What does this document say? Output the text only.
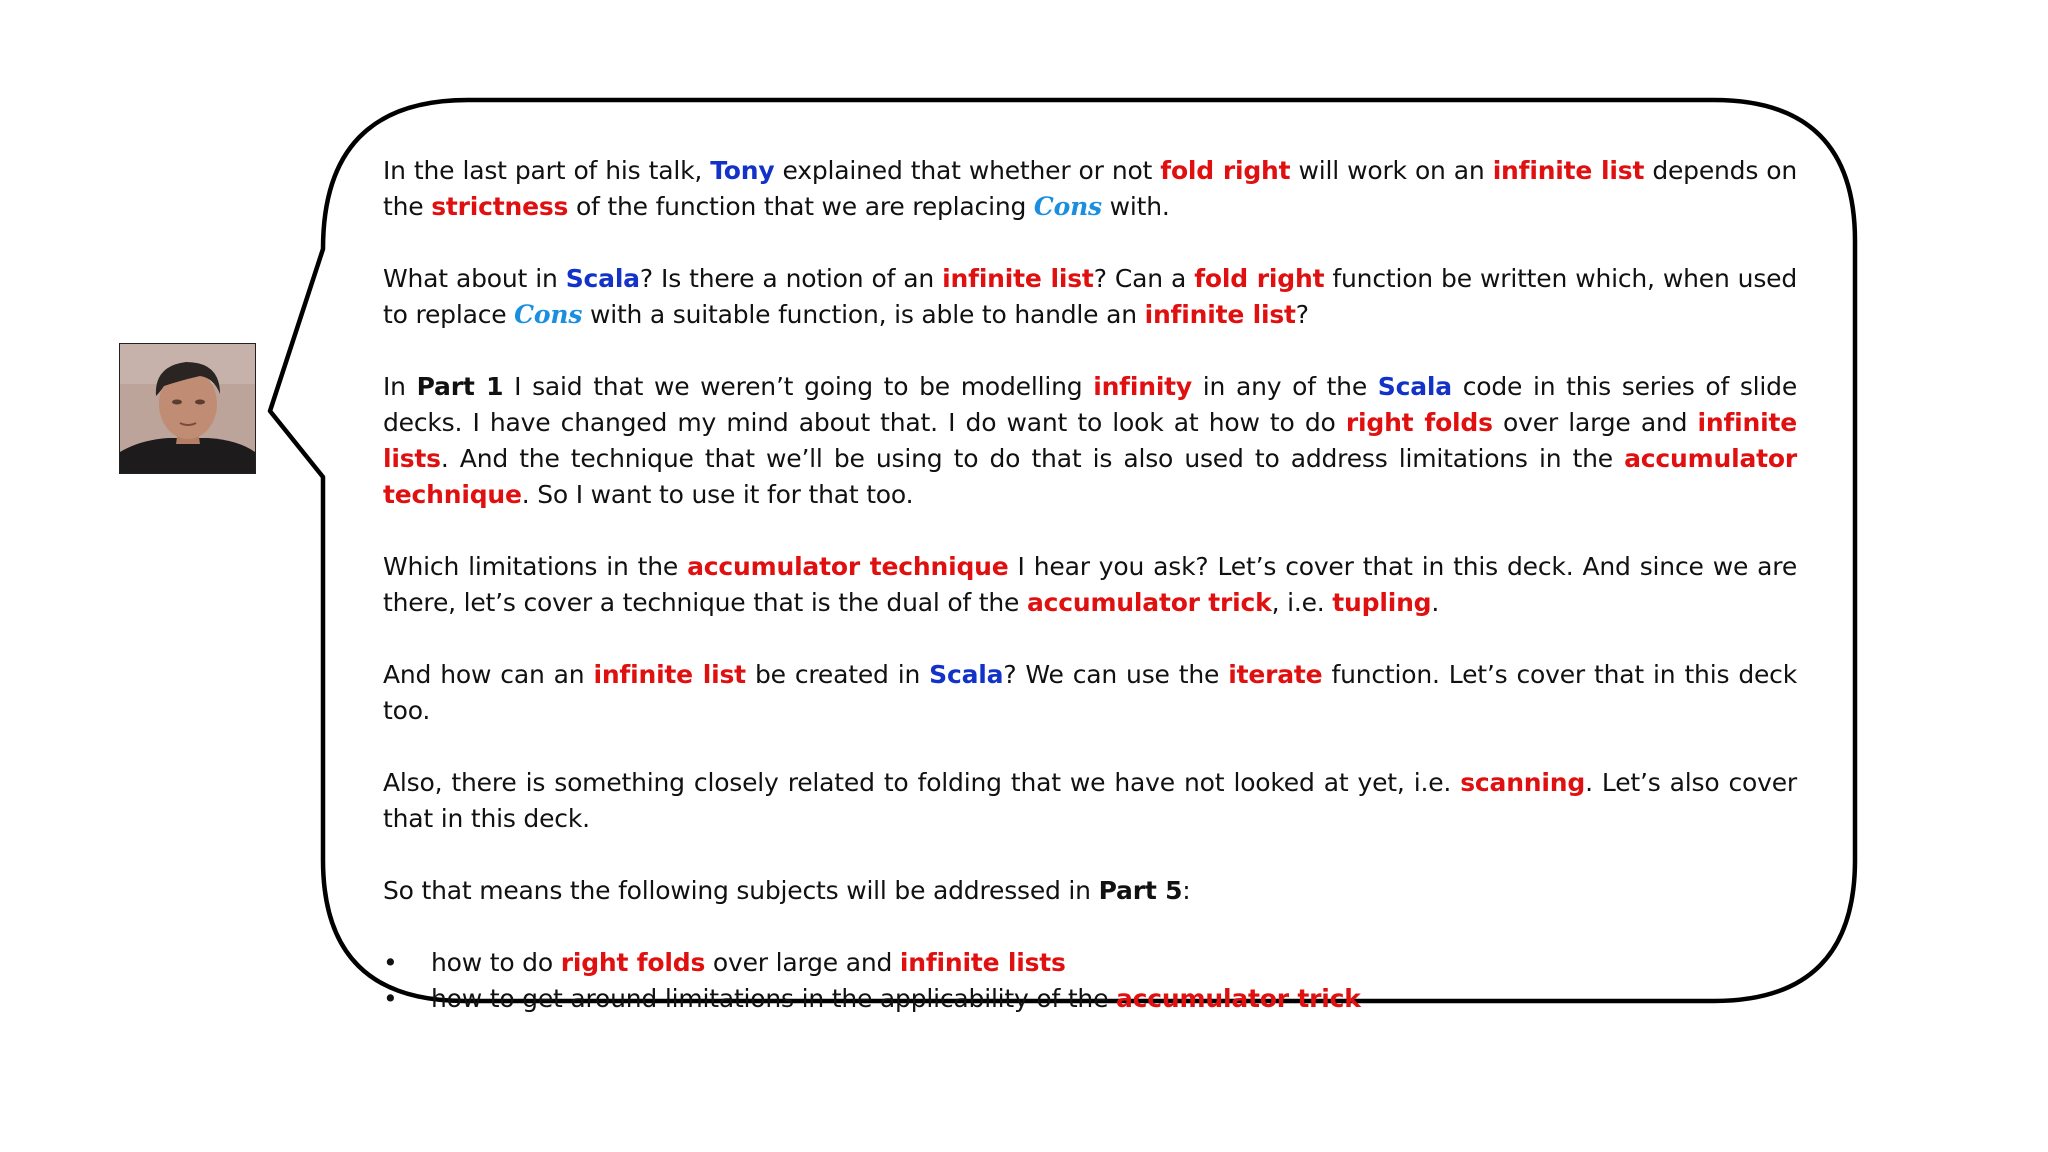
In the last part of his talk, Tony explained that whether or not fold right will work on an infinite list depends on the strictness of the function that we are replacing Cons with.

What about in Scala? Is there a notion of an infinite list? Can a fold right function be written which, when used to replace Cons with a suitable function, is able to handle an infinite list?

In Part 1 I said that we weren’t going to be modelling infinity in any of the Scala code in this series of slide decks. I have changed my mind about that. I do want to look at how to do right folds over large and infinite lists. And the technique that we’ll be using to do that is also used to address limitations in the accumulator technique. So I want to use it for that too.

Which limitations in the accumulator technique I hear you ask? Let’s cover that in this deck. And since we are there, let’s cover a technique that is the dual of the accumulator trick, i.e. tupling.

And how can an infinite list be created in Scala? We can use the iterate function. Let’s cover that in this deck too.

Also, there is something closely related to folding that we have not looked at yet, i.e. scanning. Let’s also cover that in this deck.

So that means the following subjects will be addressed in Part 5:

• how to do right folds over large and infinite lists
• how to get around limitations in the applicability of the accumulator trick
